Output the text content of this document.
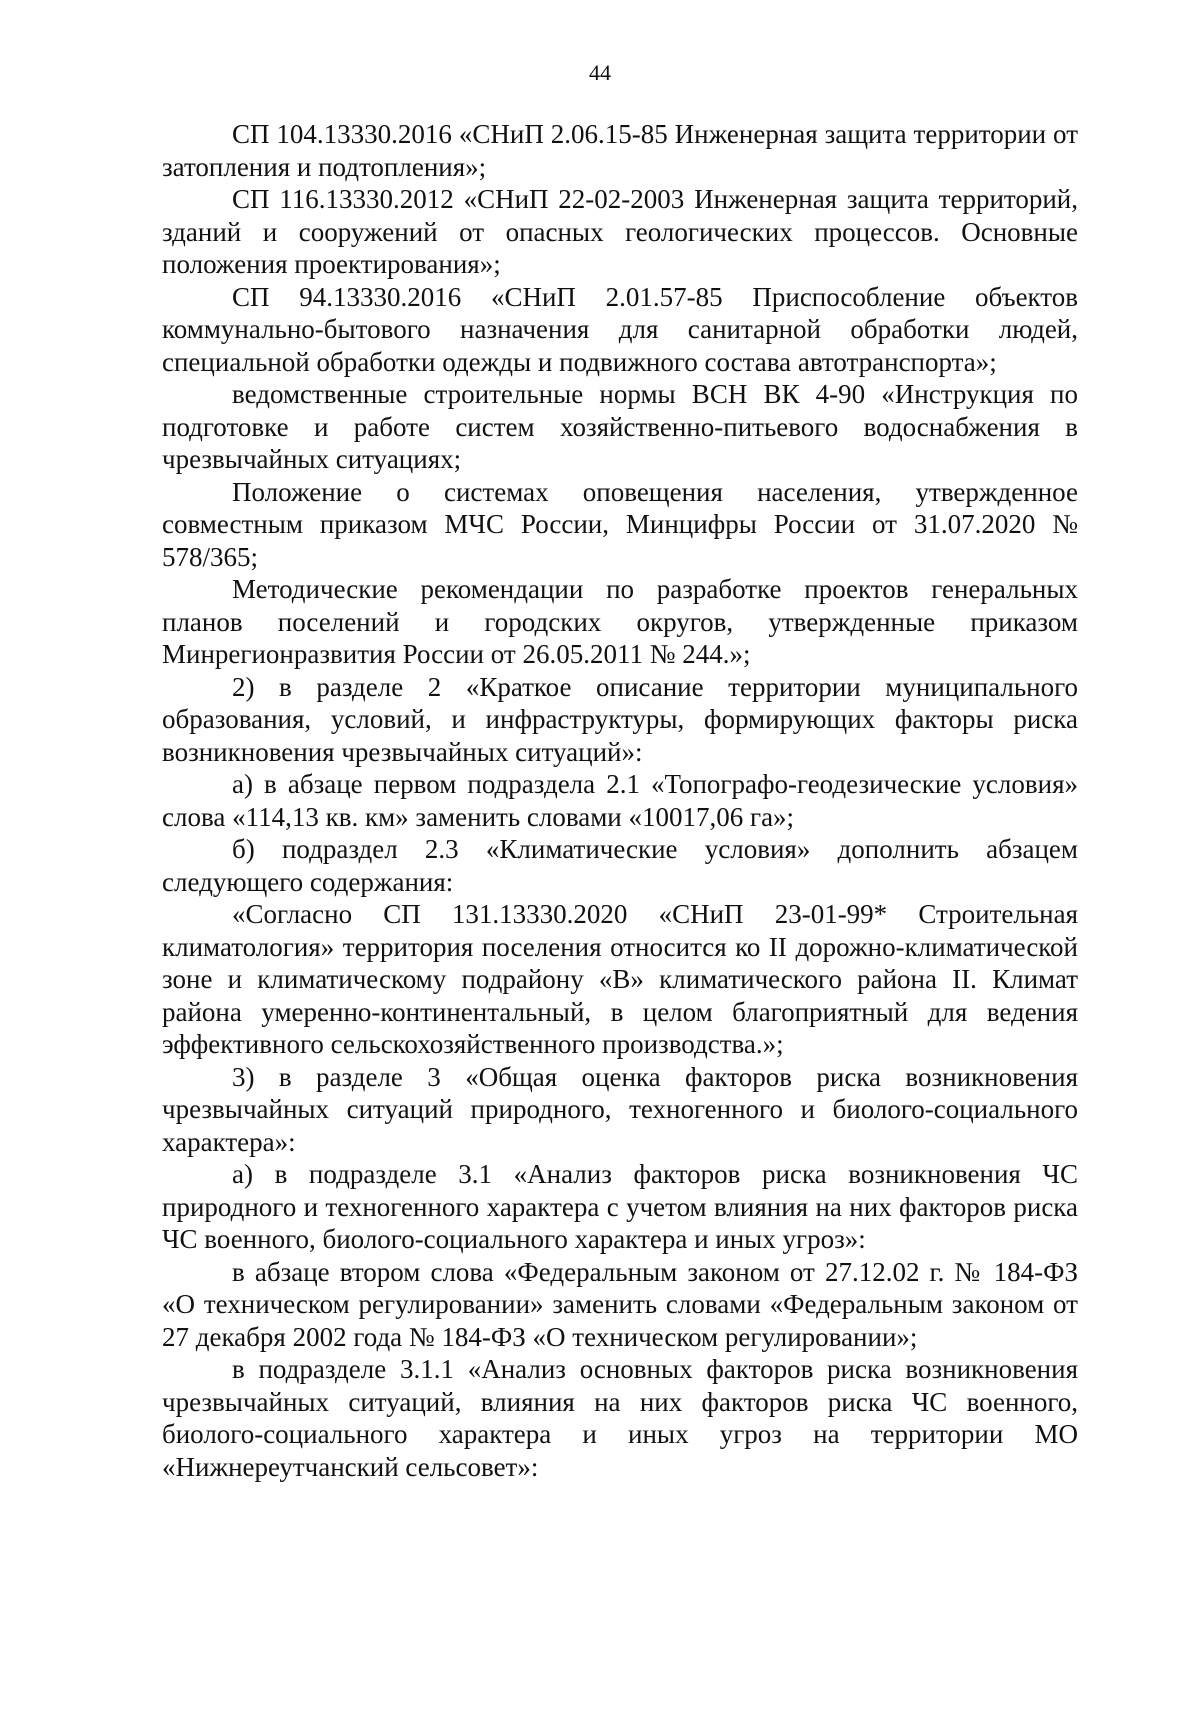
44

СП 104.13330.2016 «СНиП 2.06.15-85 Инженерная защита территории от затопления и подтопления»;

СП 116.13330.2012 «СНиП 22-02-2003 Инженерная защита территорий, зданий и сооружений от опасных геологических процессов. Основные положения проектирования»;

СП 94.13330.2016 «СНиП 2.01.57-85 Приспособление объектов коммунально-бытового назначения для санитарной обработки людей, специальной обработки одежды и подвижного состава автотранспорта»;

ведомственные строительные нормы ВСН ВК 4-90 «Инструкция по подготовке и работе систем хозяйственно-питьевого водоснабжения в чрезвычайных ситуациях;

Положение о системах оповещения населения, утвержденное совместным приказом МЧС России, Минцифры России от 31.07.2020 № 578/365;

Методические рекомендации по разработке проектов генеральных планов поселений и городских округов, утвержденные приказом Минрегионразвития России от 26.05.2011 № 244.»;

2) в разделе 2 «Краткое описание территории муниципального образования, условий, и инфраструктуры, формирующих факторы риска возникновения чрезвычайных ситуаций»:

а) в абзаце первом подраздела 2.1 «Топографо-геодезические условия» слова «114,13 кв. км» заменить словами «10017,06 га»;

б) подраздел 2.3 «Климатические условия» дополнить абзацем следующего содержания:

«Согласно СП 131.13330.2020 «СНиП 23-01-99* Строительная климатология» территория поселения относится ко II дорожно-климатической зоне и климатическому подрайону «В» климатического района II. Климат района умеренно-континентальный, в целом благоприятный для ведения эффективного сельскохозяйственного производства.»;

3) в разделе 3 «Общая оценка факторов риска возникновения чрезвычайных ситуаций природного, техногенного и биолого-социального характера»:

а) в подразделе 3.1 «Анализ факторов риска возникновения ЧС природного и техногенного характера с учетом влияния на них факторов риска ЧС военного, биолого-социального характера и иных угроз»:

в абзаце втором слова «Федеральным законом от 27.12.02 г. № 184-ФЗ «О техническом регулировании» заменить словами «Федеральным законом от 27 декабря 2002 года № 184-ФЗ «О техническом регулировании»;

в подразделе 3.1.1 «Анализ основных факторов риска возникновения чрезвычайных ситуаций, влияния на них факторов риска ЧС военного, биолого-социального характера и иных угроз на территории МО «Нижнереутчанский сельсовет»:
